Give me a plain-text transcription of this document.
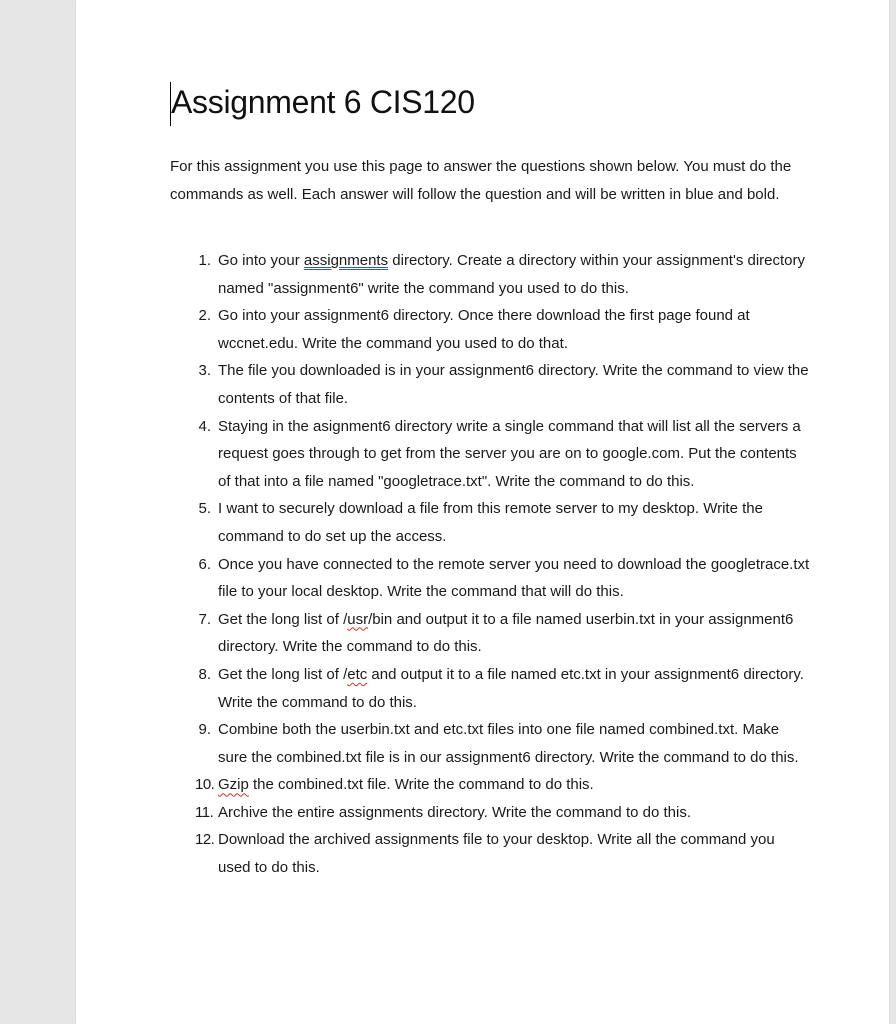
Assignment 6 CIS120

For this assignment you use this page to answer the questions shown below. You must do the commands as well. Each answer will follow the question and will be written in blue and bold.

1. Go into your assignments directory. Create a directory within your assignment's directory named "assignment6" write the command you used to do this.
2. Go into your assignment6 directory. Once there download the first page found at wccnet.edu. Write the command you used to do that.
3. The file you downloaded is in your assignment6 directory. Write the command to view the contents of that file.
4. Staying in the asignment6 directory write a single command that will list all the servers a request goes through to get from the server you are on to google.com. Put the contents of that into a file named "googletrace.txt". Write the command to do this.
5. I want to securely download a file from this remote server to my desktop. Write the command to do set up the access.
6. Once you have connected to the remote server you need to download the googletrace.txt file to your local desktop. Write the command that will do this.
7. Get the long list of /usr/bin and output it to a file named userbin.txt in your assignment6 directory. Write the command to do this.
8. Get the long list of /etc and output it to a file named etc.txt in your assignment6 directory. Write the command to do this.
9. Combine both the userbin.txt and etc.txt files into one file named combined.txt. Make sure the combined.txt file is in our assignment6 directory. Write the command to do this.
10. Gzip the combined.txt file. Write the command to do this.
11. Archive the entire assignments directory. Write the command to do this.
12. Download the archived assignments file to your desktop. Write all the command you used to do this.
